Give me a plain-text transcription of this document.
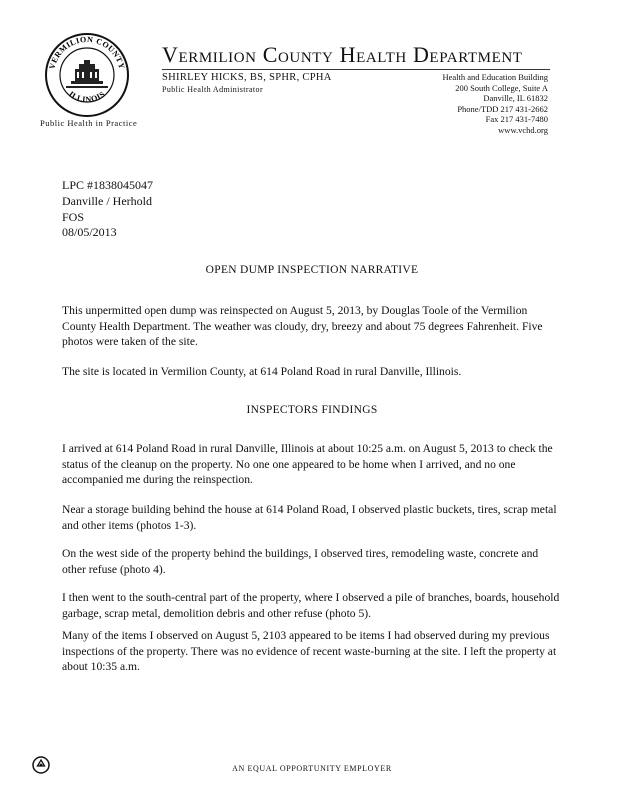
VERMILION COUNTY
ILLINOIS
Public Health in Practice
Vermilion County Health Department
SHIRLEY HICKS, BS, SPHR, CPHA
Public Health Administrator
Health and Education Building
200 South College, Suite A
Danville, IL 61832
Phone/TDD 217 431-2662
Fax 217 431-7480
www.vchd.org
LPC #1838045047
Danville / Herhold
FOS
08/05/2013
OPEN DUMP INSPECTION NARRATIVE
This unpermitted open dump was reinspected on August 5, 2013, by Douglas Toole of the Vermilion County Health Department. The weather was cloudy, dry, breezy and about 75 degrees Fahrenheit. Five photos were taken of the site.
The site is located in Vermilion County, at 614 Poland Road in rural Danville, Illinois.
INSPECTORS FINDINGS
I arrived at 614 Poland Road in rural Danville, Illinois at about 10:25 a.m. on August 5, 2013 to check the status of the cleanup on the property. No one one appeared to be home when I arrived, and no one accompanied me during the reinspection.
Near a storage building behind the house at 614 Poland Road, I observed plastic buckets, tires, scrap metal and other items (photos 1-3).
On the west side of the property behind the buildings, I observed tires, remodeling waste, concrete and other refuse (photo 4).
I then went to the south-central part of the property, where I observed a pile of branches, boards, household garbage, scrap metal, demolition debris and other refuse (photo 5).
Many of the items I observed on August 5, 2103 appeared to be items I had observed during my previous inspections of the property. There was no evidence of recent waste-burning at the site. I left the property at about 10:35 a.m.
AN EQUAL OPPORTUNITY EMPLOYER
